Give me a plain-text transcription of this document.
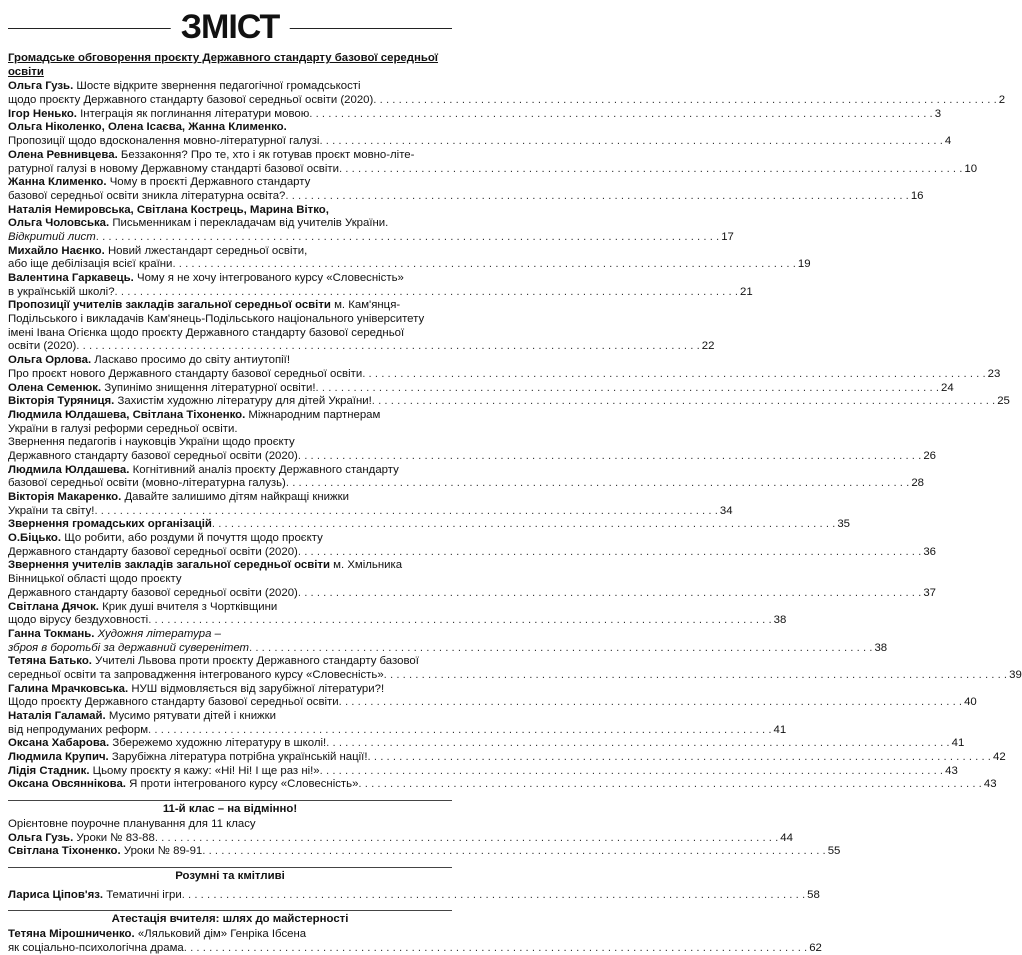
ЗМІСТ
Громадське обговорення проєкту Державного стандарту базової середньої освіти
Ольга Гузь. Шосте відкрите звернення педагогічної громадськості
щодо проєкту Державного стандарту базової середньої освіти (2020) . . .	2
Ігор Ненько. Інтеграція як поглинання літератури мовою . . .	3
Ольга Ніколенко, Олена Ісаєва, Жанна Клименко.
Пропозиції щодо вдосконалення мовно-літературної галузі . . .	4
Олена Ревнивцева. Беззаконня? Про те, хто і як готував проєкт мовно-літе-
ратурної галузі в новому Державному стандарті базової освіти . . .	10
Жанна Клименко. Чому в проєкті Державного стандарту
базової середньої освіти зникла літературна освіта? . . .	16
Наталія Немировська, Світлана Кострець, Марина Вітко,
Ольга Чоловська. Письменникам і перекладачам від учителів України.
Відкритий лист . . .	17
Михайло Наєнко. Новий лжестандарт середньої освіти,
або іще дебілізація всієї країни . . .	19
Валентина Гаркавець. Чому я не хочу інтегрованого курсу «Словесність»
в українській школі? . . .	21
Пропозиції учителів закладів загальної середньої освіти м. Кам'янця-
Подільського і викладачів Кам'янець-Подільського національного університету
імені Івана Огієнка щодо проєкту Державного стандарту базової середньої
освіти (2020) . . .	22
Ольга Орлова. Ласкаво просимо до світу антиутопії!
Про проєкт нового Державного стандарту базової середньої освіти . . .	23
Олена Семенюк. Зупинімо знищення літературної освіти! . . .	24
Вікторія Туряниця. Захистім художню літературу для дітей України! . . .	25
Людмила Юлдашева, Світлана Тіхоненко. Міжнародним партнерам
України в галузі реформи середньої освіти.
Звернення педагогів і науковців України щодо проєкту
Державного стандарту базової середньої освіти (2020) . . .	26
Людмила Юлдашева. Когнітивний аналіз проєкту Державного стандарту
базової середньої освіти (мовно-літературна галузь) . . .	28
Вікторія Макаренко. Давайте залишимо дітям найкращі книжки
України та світу! . . .	34
Звернення громадських організацій . . .	35
О.Біцько. Що робити, або роздуми й почуття щодо проєкту
Державного стандарту базової середньої освіти (2020) . . .	36
Звернення учителів закладів загальної середньої освіти м. Хмільника
Вінницької області щодо проєкту
Державного стандарту базової середньої освіти (2020) . . .	37
Світлана Дячок. Крик душі вчителя з Чортківщини
щодо вірусу бездуховності . . .	38
Ганна Токмань. Художня література –
зброя в боротьбі за державний суверенітет . . .	38
Тетяна Батько. Учителі Львова проти проєкту Державного стандарту базової
середньої освіти та запровадження інтегрованого курсу «Словесність» . . .	39
Галина Мрачковська. НУШ відмовляється від зарубіжної літератури?!
Щодо проєкту Державного стандарту базової середньої освіти . . .	40
Наталія Галамай. Мусимо рятувати дітей і книжки
від непродуманих реформ . . .	41
Оксана Хабарова. Збережемо художню літературу в школі! . . .	41
Людмила Крупич. Зарубіжна література потрібна українській нації! . . .	42
Лідія Стадник. Цьому проєкту я кажу: «Ні! Ні! І ще раз ні!» . . .	43
Оксана Овсяннікова. Я проти інтегрованого курсу «Словесність» . . .	43
11-й клас – на відмінно!
Орієнтовне поурочне планування для 11 класу
Ольга Гузь. Уроки № 83-88 . . .	44
Світлана Тіхоненко. Уроки № 89-91 . . .	55
Розумні та кмітливі
Лариса Ціпов'яз. Тематичні ігри . . .	58
Атестація вчителя: шлях до майстерності
Тетяна Мірошниченко. «Ляльковий дім» Генріка Ібсена
як соціально-психологічна драма . . .	62
